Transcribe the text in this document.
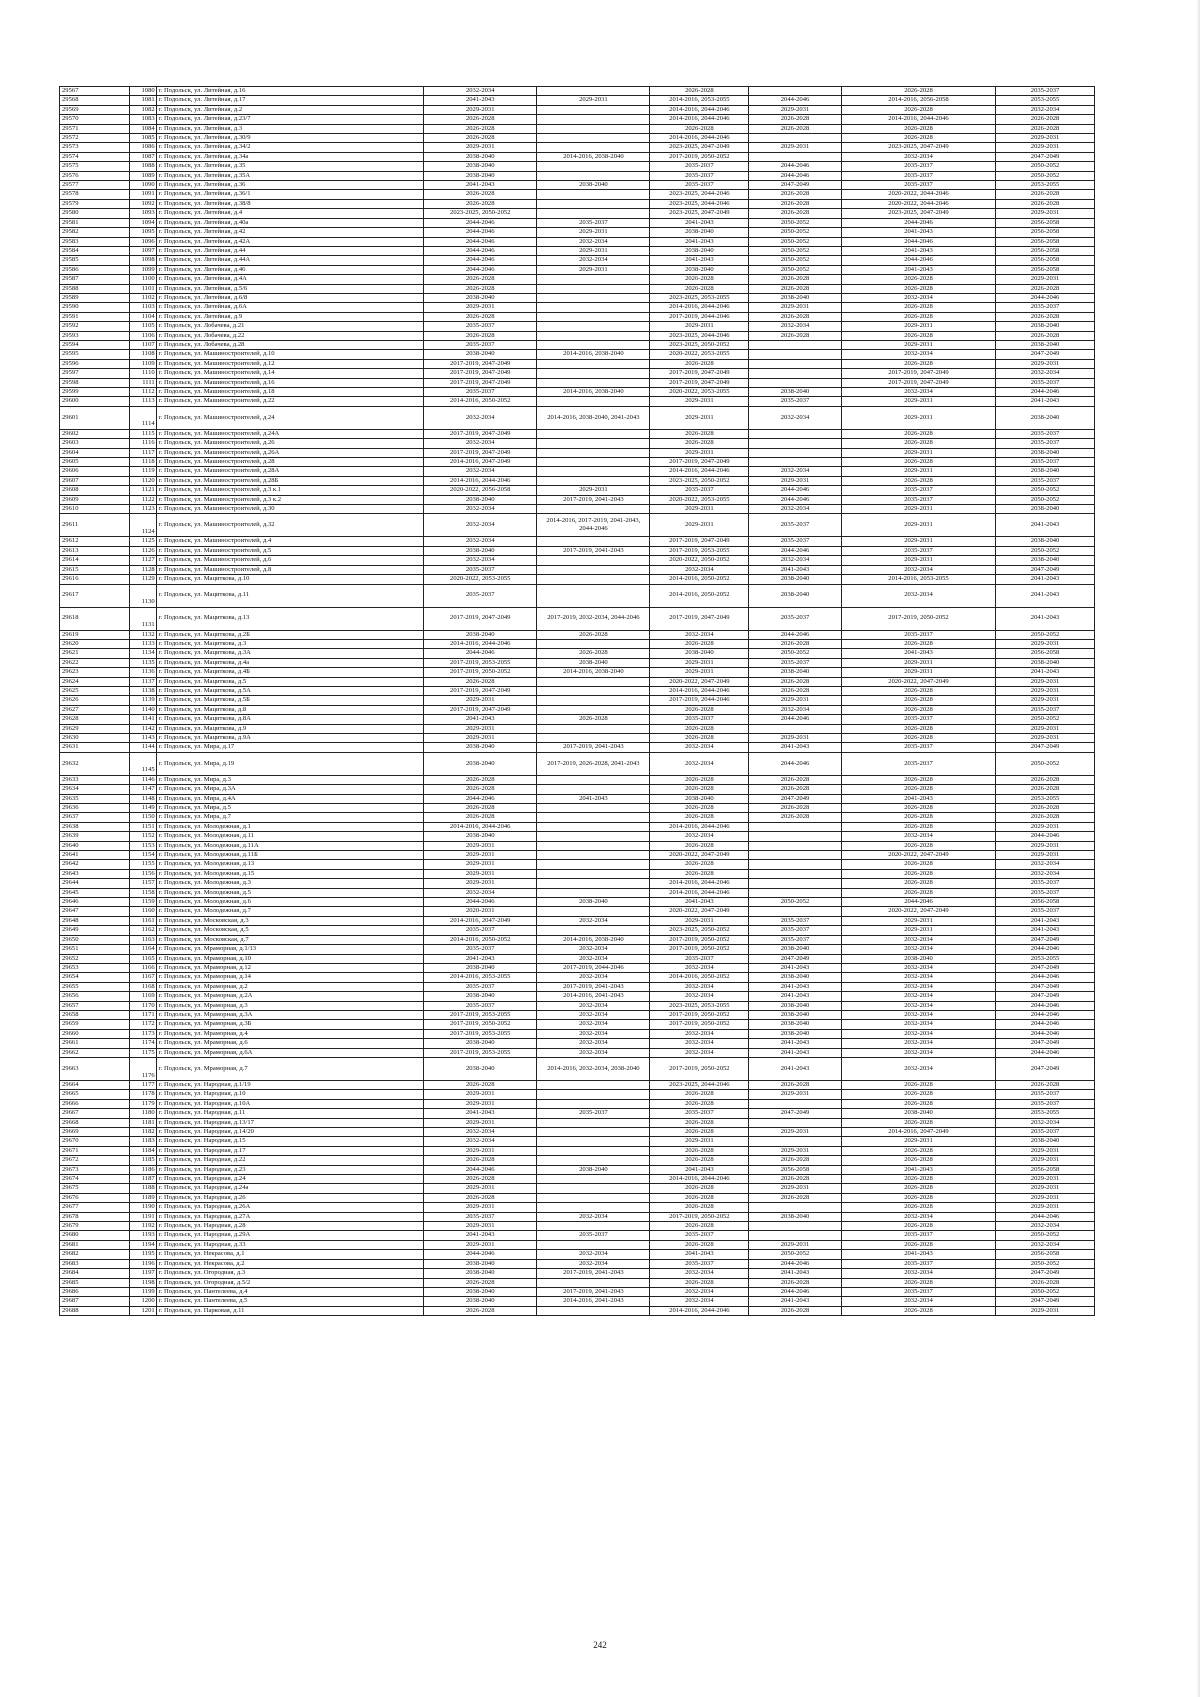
29567	1080	г. Подольск, ул. Литейная, д.16	2032-2034		2026-2028		2026-2028	2035-2037
29568	1081	г. Подольск, ул. Литейная, д.17	2041-2043	2029-2031	2014-2016, 2053-2055	2044-2046	2014-2016, 2056-2058	2053-2055
29569	1082	г. Подольск, ул. Литейная, д.2	2029-2031		2014-2016, 2044-2046	2029-2031	2026-2028	2032-2034
29570	1083	г. Подольск, ул. Литейная, д.23/7	2026-2028		2014-2016, 2044-2046	2026-2028	2014-2016, 2044-2046	2026-2028
29571	1084	г. Подольск, ул. Литейная, д.3	2026-2028		2026-2028	2026-2028	2026-2028	2026-2028
29572	1085	г. Подольск, ул. Литейная, д.30/9	2026-2028		2014-2016, 2044-2046		2026-2028	2029-2031
29573	1086	г. Подольск, ул. Литейная, д.34/2	2029-2031		2023-2025, 2047-2049	2029-2031	2023-2025, 2047-2049	2029-2031
29574	1087	г. Подольск, ул. Литейная, д.34а	2038-2040	2014-2016, 2038-2040	2017-2019, 2050-2052		2032-2034	2047-2049
29575	1088	г. Подольск, ул. Литейная, д.35	2038-2040		2035-2037	2044-2046	2035-2037	2050-2052
29576	1089	г. Подольск, ул. Литейная, д.35А	2038-2040		2035-2037	2044-2046	2035-2037	2050-2052
29577	1090	г. Подольск, ул. Литейная, д.36	2041-2043	2038-2040	2035-2037	2047-2049	2035-2037	2053-2055
29578	1091	г. Подольск, ул. Литейная, д.36/1	2026-2028		2023-2025, 2044-2046	2026-2028	2020-2022, 2044-2046	2026-2028
29579	1092	г. Подольск, ул. Литейная, д.38/8	2026-2028		2023-2025, 2044-2046	2026-2028	2020-2022, 2044-2046	2026-2028
29580	1093	г. Подольск, ул. Литейная, д.4	2023-2025, 2050-2052		2023-2025, 2047-2049	2026-2028	2023-2025, 2047-2049	2029-2031
29581	1094	г. Подольск, ул. Литейная, д.40а	2044-2046	2035-2037	2041-2043	2050-2052	2044-2046	2056-2058
29582	1095	г. Подольск, ул. Литейная, д.42	2044-2046	2029-2031	2038-2040	2050-2052	2041-2043	2056-2058
29583	1096	г. Подольск, ул. Литейная, д.42А	2044-2046	2032-2034	2041-2043	2050-2052	2044-2046	2056-2058
29584	1097	г. Подольск, ул. Литейная, д.44	2044-2046	2029-2031	2038-2040	2050-2052	2041-2043	2056-2058
29585	1098	г. Подольск, ул. Литейная, д.44А	2044-2046	2032-2034	2041-2043	2050-2052	2044-2046	2056-2058
29586	1099	г. Подольск, ул. Литейная, д.46	2044-2046	2029-2031	2038-2040	2050-2052	2041-2043	2056-2058
29587	1100	г. Подольск, ул. Литейная, д.4А	2026-2028		2026-2028	2026-2028	2026-2028	2029-2031
29588	1101	г. Подольск, ул. Литейная, д.5/6	2026-2028		2026-2028	2026-2028	2026-2028	2026-2028
29589	1102	г. Подольск, ул. Литейная, д.6/8	2038-2040		2023-2025, 2053-2055	2038-2040	2032-2034	2044-2046
29590	1103	г. Подольск, ул. Литейная, д.6А	2029-2031		2014-2016, 2044-2046	2029-2031	2026-2028	2035-2037
29591	1104	г. Подольск, ул. Литейная, д.9	2026-2028		2017-2019, 2044-2046	2026-2028	2026-2028	2026-2028
29592	1105	г. Подольск, ул. Лобачева, д.21	2035-2037		2029-2031	2032-2034	2029-2031	2038-2040
29593	1106	г. Подольск, ул. Лобачева, д.22	2026-2028		2023-2025, 2044-2046	2026-2028	2026-2028	2026-2028
29594	1107	г. Подольск, ул. Лобачева, д.28	2035-2037		2023-2025, 2050-2052		2029-2031	2038-2040
29595	1108	г. Подольск, ул. Машиностроителей, д.10	2038-2040	2014-2016, 2038-2040	2020-2022, 2053-2055		2032-2034	2047-2049
29596	1109	г. Подольск, ул. Машиностроителей, д.12	2017-2019, 2047-2049		2026-2028		2026-2028	2029-2031
29597	1110	г. Подольск, ул. Машиностроителей, д.14	2017-2019, 2047-2049		2017-2019, 2047-2049		2017-2019, 2047-2049	2032-2034
29598	1111	г. Подольск, ул. Машиностроителей, д.16	2017-2019, 2047-2049		2017-2019, 2047-2049		2017-2019, 2047-2049	2035-2037
29599	1112	г. Подольск, ул. Машиностроителей, д.18	2035-2037	2014-2016, 2038-2040	2020-2022, 2053-2055	2038-2040	2032-2034	2044-2046
29600	1113	г. Подольск, ул. Машиностроителей, д.22	2014-2016, 2050-2052		2029-2031	2035-2037	2029-2031	2041-2043
29601	1114	г. Подольск, ул. Машиностроителей, д.24	2032-2034	2014-2016, 2038-2040, 2041-2043	2029-2031	2032-2034	2029-2031	2038-2040
29602	1115	г. Подольск, ул. Машиностроителей, д.24А	2017-2019, 2047-2049		2026-2028		2026-2028	2035-2037
29603	1116	г. Подольск, ул. Машиностроителей, д.26	2032-2034		2026-2028		2026-2028	2035-2037
29604	1117	г. Подольск, ул. Машиностроителей, д.26А	2017-2019, 2047-2049		2029-2031		2029-2031	2038-2040
29605	1118	г. Подольск, ул. Машиностроителей, д.28	2014-2016, 2047-2049		2017-2019, 2047-2049		2026-2028	2035-2037
29606	1119	г. Подольск, ул. Машиностроителей, д.28А	2032-2034		2014-2016, 2044-2046	2032-2034	2029-2031	2038-2040
29607	1120	г. Подольск, ул. Машиностроителей, д.28Б	2014-2016, 2044-2046		2023-2025, 2050-2052	2029-2031	2026-2028	2035-2037
29608	1121	г. Подольск, ул. Машиностроителей, д.3 к.1	2020-2022, 2056-2058	2029-2031	2035-2037	2044-2046	2035-2037	2050-2052
29609	1122	г. Подольск, ул. Машиностроителей, д.3 к.2	2038-2040	2017-2019, 2041-2043	2020-2022, 2053-2055	2044-2046	2035-2037	2050-2052
29610	1123	г. Подольск, ул. Машиностроителей, д.30	2032-2034		2029-2031	2032-2034	2029-2031	2038-2040
29611	1124	г. Подольск, ул. Машиностроителей, д.32	2032-2034	2014-2016, 2017-2019, 2041-2043, 2044-2046	2029-2031	2035-2037	2029-2031	2041-2043
29612	1125	г. Подольск, ул. Машиностроителей, д.4	2032-2034		2017-2019, 2047-2049	2035-2037	2029-2031	2038-2040
29613	1126	г. Подольск, ул. Машиностроителей, д.5	2038-2040	2017-2019, 2041-2043	2017-2019, 2053-2055	2044-2046	2035-2037	2050-2052
29614	1127	г. Подольск, ул. Машиностроителей, д.6	2032-2034		2020-2022, 2050-2052	2032-2034	2029-2031	2038-2040
29615	1128	г. Подольск, ул. Машиностроителей, д.8	2035-2037		2032-2034	2041-2043	2032-2034	2047-2049
29616	1129	г. Подольск, ул. Мациткова, д.10	2020-2022, 2053-2055		2014-2016, 2050-2052	2038-2040	2014-2016, 2053-2055	2041-2043
29617	1130	г. Подольск, ул. Мациткова, д.11	2035-2037		2014-2016, 2050-2052	2038-2040	2032-2034	2041-2043
29618	1131	г. Подольск, ул. Мациткова, д.13	2017-2019, 2047-2049	2017-2019, 2032-2034, 2044-2046	2017-2019, 2047-2049	2035-2037	2017-2019, 2050-2052	2041-2043
29619	1132	г. Подольск, ул. Мациткова, д.2Б	2038-2040	2026-2028	2032-2034	2044-2046	2035-2037	2050-2052
29620	1133	г. Подольск, ул. Мациткова, д.3	2014-2016, 2044-2046		2026-2028	2026-2028	2026-2028	2029-2031
29621	1134	г. Подольск, ул. Мациткова, д.3А	2044-2046	2026-2028	2038-2040	2050-2052	2041-2043	2056-2058
29622	1135	г. Подольск, ул. Мациткова, д.4а	2017-2019, 2053-2055	2038-2040	2029-2031	2035-2037	2029-2031	2038-2040
29623	1136	г. Подольск, ул. Мациткова, д.4Б	2017-2019, 2050-2052	2014-2016, 2038-2040	2029-2031	2038-2040	2029-2031	2041-2043
29624	1137	г. Подольск, ул. Мациткова, д.5	2026-2028		2020-2022, 2047-2049	2026-2028	2020-2022, 2047-2049	2029-2031
29625	1138	г. Подольск, ул. Мациткова, д.5А	2017-2019, 2047-2049		2014-2016, 2044-2046	2026-2028	2026-2028	2029-2031
29626	1139	г. Подольск, ул. Мациткова, д.5Б	2029-2031		2017-2019, 2044-2046	2029-2031	2026-2028	2029-2031
29627	1140	г. Подольск, ул. Мациткова, д.8	2017-2019, 2047-2049		2026-2028	2032-2034	2026-2028	2035-2037
29628	1141	г. Подольск, ул. Мациткова, д.8А	2041-2043	2026-2028	2035-2037	2044-2046	2035-2037	2050-2052
29629	1142	г. Подольск, ул. Мациткова, д.9	2029-2031		2026-2028		2026-2028	2029-2031
29630	1143	г. Подольск, ул. Мациткова, д.9А	2029-2031		2026-2028	2029-2031	2026-2028	2029-2031
29631	1144	г. Подольск, ул. Мира, д.17	2038-2040	2017-2019, 2041-2043	2032-2034	2041-2043	2035-2037	2047-2049
29632	1145	г. Подольск, ул. Мира, д.19	2038-2040	2017-2019, 2026-2028, 2041-2043	2032-2034	2044-2046	2035-2037	2050-2052
29633	1146	г. Подольск, ул. Мира, д.3	2026-2028		2026-2028	2026-2028	2026-2028	2026-2028
29634	1147	г. Подольск, ул. Мира, д.3А	2026-2028		2026-2028	2026-2028	2026-2028	2026-2028
29635	1148	г. Подольск, ул. Мира, д.4А	2044-2046	2041-2043	2038-2040	2047-2049	2041-2043	2053-2055
29636	1149	г. Подольск, ул. Мира, д.5	2026-2028		2026-2028	2026-2028	2026-2028	2026-2028
29637	1150	г. Подольск, ул. Мира, д.7	2026-2028		2026-2028	2026-2028	2026-2028	2026-2028
29638	1151	г. Подольск, ул. Молодежная, д.1	2014-2016, 2044-2046		2014-2016, 2044-2046		2026-2028	2029-2031
29639	1152	г. Подольск, ул. Молодежная, д.11	2038-2040		2032-2034		2032-2034	2044-2046
29640	1153	г. Подольск, ул. Молодежная, д.11А	2029-2031		2026-2028		2026-2028	2029-2031
29641	1154	г. Подольск, ул. Молодежная, д.11Б	2029-2031		2020-2022, 2047-2049		2020-2022, 2047-2049	2029-2031
29642	1155	г. Подольск, ул. Молодежная, д.13	2029-2031		2026-2028		2026-2028	2032-2034
29643	1156	г. Подольск, ул. Молодежная, д.15	2029-2031		2026-2028		2026-2028	2032-2034
29644	1157	г. Подольск, ул. Молодежная, д.3	2029-2031		2014-2016, 2044-2046		2026-2028	2035-2037
29645	1158	г. Подольск, ул. Молодежная, д.5	2032-2034		2014-2016, 2044-2046		2026-2028	2035-2037
29646	1159	г. Подольск, ул. Молодежная, д.6	2044-2046	2038-2040	2041-2043	2050-2052	2044-2046	2056-2058
29647	1160	г. Подольск, ул. Молодежная, д.7	2020-2031		2020-2022, 2047-2049		2020-2022, 2047-2049	2035-2037
29648	1161	г. Подольск, ул. Московская, д.3	2014-2016, 2047-2049	2032-2034	2029-2031	2035-2037	2029-2031	2041-2043
29649	1162	г. Подольск, ул. Московская, д.5	2035-2037		2023-2025, 2050-2052	2035-2037	2029-2031	2041-2043
29650	1163	г. Подольск, ул. Московская, д.7	2014-2016, 2050-2052	2014-2016, 2038-2040	2017-2019, 2050-2052	2035-2037	2032-2034	2047-2049
29651	1164	г. Подольск, ул. Мраморная, д.1/13	2035-2037	2032-2034	2017-2019, 2050-2052	2038-2040	2032-2034	2044-2046
29652	1165	г. Подольск, ул. Мраморная, д.10	2041-2043	2032-2034	2035-2037	2047-2049	2038-2040	2053-2055
29653	1166	г. Подольск, ул. Мраморная, д.12	2038-2040	2017-2019, 2044-2046	2032-2034	2041-2043	2032-2034	2047-2049
29654	1167	г. Подольск, ул. Мраморная, д.14	2014-2016, 2053-2055	2032-2034	2014-2016, 2050-2052	2038-2040	2032-2034	2044-2046
29655	1168	г. Подольск, ул. Мраморная, д.2	2035-2037	2017-2019, 2041-2043	2032-2034	2041-2043	2032-2034	2047-2049
29656	1169	г. Подольск, ул. Мраморная, д.2А	2038-2040	2014-2016, 2041-2043	2032-2034	2041-2043	2032-2034	2047-2049
29657	1170	г. Подольск, ул. Мраморная, д.3	2035-2037	2032-2034	2023-2025, 2053-2055	2038-2040	2032-2034	2044-2046
29658	1171	г. Подольск, ул. Мраморная, д.3А	2017-2019, 2053-2055	2032-2034	2017-2019, 2050-2052	2038-2040	2032-2034	2044-2046
29659	1172	г. Подольск, ул. Мраморная, д.3Б	2017-2019, 2050-2052	2032-2034	2017-2019, 2050-2052	2038-2040	2032-2034	2044-2046
29660	1173	г. Подольск, ул. Мраморная, д.4	2017-2019, 2053-2055	2032-2034	2032-2034	2038-2040	2032-2034	2044-2046
29661	1174	г. Подольск, ул. Мраморная, д.6	2038-2040	2032-2034	2032-2034	2041-2043	2032-2034	2047-2049
29662	1175	г. Подольск, ул. Мраморная, д.6А	2017-2019, 2053-2055	2032-2034	2032-2034	2041-2043	2032-2034	2044-2046
29663	1176	г. Подольск, ул. Мраморная, д.7	2038-2040	2014-2016, 2032-2034, 2038-2040	2017-2019, 2050-2052	2041-2043	2032-2034	2047-2049
29664	1177	г. Подольск, ул. Народная, д.1/19	2026-2028		2023-2025, 2044-2046	2026-2028	2026-2028	2026-2028
29665	1178	г. Подольск, ул. Народная, д.10	2029-2031		2026-2028	2029-2031	2026-2028	2035-2037
29666	1179	г. Подольск, ул. Народная, д.10А	2029-2031		2026-2028		2026-2028	2035-2037
29667	1180	г. Подольск, ул. Народная, д.11	2041-2043	2035-2037	2035-2037	2047-2049	2038-2040	2053-2055
29668	1181	г. Подольск, ул. Народная, д.13/17	2029-2031		2026-2028		2026-2028	2032-2034
29669	1182	г. Подольск, ул. Народная, д.14/20	2032-2034		2026-2028	2029-2031	2014-2016, 2047-2049	2035-2037
29670	1183	г. Подольск, ул. Народная, д.15	2032-2034		2029-2031		2029-2031	2038-2040
29671	1184	г. Подольск, ул. Народная, д.17	2029-2031		2026-2028	2029-2031	2026-2028	2029-2031
29672	1185	г. Подольск, ул. Народная, д.22	2026-2028		2026-2028	2026-2028	2026-2028	2029-2031
29673	1186	г. Подольск, ул. Народная, д.23	2044-2046	2038-2040	2041-2043	2056-2058	2041-2043	2056-2058
29674	1187	г. Подольск, ул. Народная, д.24	2026-2028		2014-2016, 2044-2046	2026-2028	2026-2028	2029-2031
29675	1188	г. Подольск, ул. Народная, д.24а	2029-2031		2026-2028	2029-2031	2026-2028	2029-2031
29676	1189	г. Подольск, ул. Народная, д.26	2026-2028		2026-2028	2026-2028	2026-2028	2029-2031
29677	1190	г. Подольск, ул. Народная, д.26А	2029-2031		2026-2028		2026-2028	2029-2031
29678	1191	г. Подольск, ул. Народная, д.27А	2035-2037	2032-2034	2017-2019, 2050-2052	2038-2040	2032-2034	2044-2046
29679	1192	г. Подольск, ул. Народная, д.28	2029-2031		2026-2028		2026-2028	2032-2034
29680	1193	г. Подольск, ул. Народная, д.29А	2041-2043	2035-2037	2035-2037		2035-2037	2050-2052
29681	1194	г. Подольск, ул. Народная, д.33	2029-2031		2026-2028	2029-2031	2026-2028	2032-2034
29682	1195	г. Подольск, ул. Некрасова, д.1	2044-2046	2032-2034	2041-2043	2050-2052	2041-2043	2056-2058
29683	1196	г. Подольск, ул. Некрасова, д.2	2038-2040	2032-2034	2035-2037	2044-2046	2035-2037	2050-2052
29684	1197	г. Подольск, ул. Огородная, д.3	2038-2040	2017-2019, 2041-2043	2032-2034	2041-2043	2032-2034	2047-2049
29685	1198	г. Подольск, ул. Огородная, д.5/2	2026-2028		2026-2028	2026-2028	2026-2028	2026-2028
29686	1199	г. Подольск, ул. Пантелеева, д.4	2038-2040	2017-2019, 2041-2043	2032-2034	2044-2046	2035-2037	2050-2052
29687	1200	г. Подольск, ул. Пантелеева, д.5	2038-2040	2014-2016, 2041-2043	2032-2034	2041-2043	2032-2034	2047-2049
29688	1201	г. Подольск, ул. Парковая, д.11	2026-2028		2014-2016, 2044-2046	2026-2028	2026-2028	2029-2031
242
